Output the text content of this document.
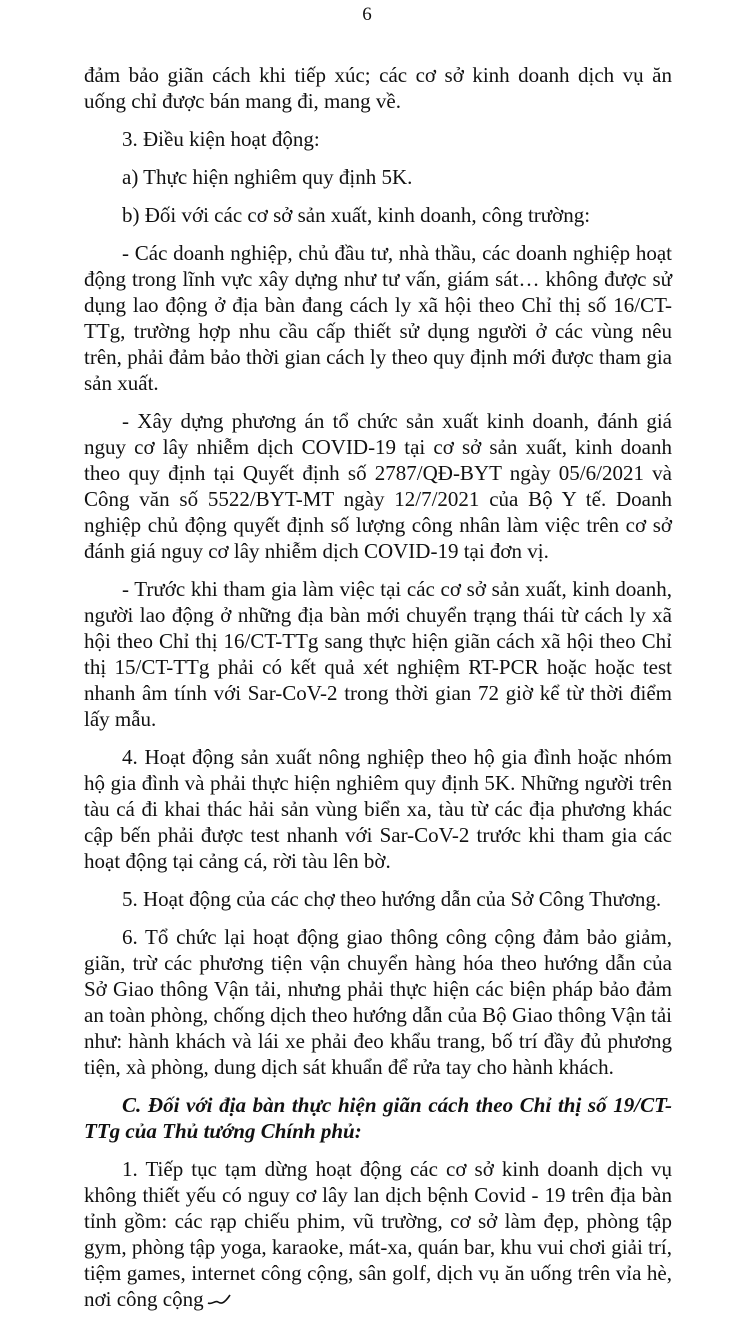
6

đảm bảo giãn cách khi tiếp xúc; các cơ sở kinh doanh dịch vụ ăn uống chỉ được bán mang đi, mang về.

3. Điều kiện hoạt động:

a) Thực hiện nghiêm quy định 5K.

b) Đối với các cơ sở sản xuất, kinh doanh, công trường:

- Các doanh nghiệp, chủ đầu tư, nhà thầu, các doanh nghiệp hoạt động trong lĩnh vực xây dựng như tư vấn, giám sát… không được sử dụng lao động ở địa bàn đang cách ly xã hội theo Chỉ thị số 16/CT-TTg, trường hợp nhu cầu cấp thiết sử dụng người ở các vùng nêu trên, phải đảm bảo thời gian cách ly theo quy định mới được tham gia sản xuất.

- Xây dựng phương án tổ chức sản xuất kinh doanh, đánh giá nguy cơ lây nhiễm dịch COVID-19 tại cơ sở sản xuất, kinh doanh theo quy định tại Quyết định số 2787/QĐ-BYT ngày 05/6/2021 và Công văn số 5522/BYT-MT ngày 12/7/2021 của Bộ Y tế. Doanh nghiệp chủ động quyết định số lượng công nhân làm việc trên cơ sở đánh giá nguy cơ lây nhiễm dịch COVID-19 tại đơn vị.

- Trước khi tham gia làm việc tại các cơ sở sản xuất, kinh doanh, người lao động ở những địa bàn mới chuyển trạng thái từ cách ly xã hội theo Chỉ thị 16/CT-TTg sang thực hiện giãn cách xã hội theo Chỉ thị 15/CT-TTg phải có kết quả xét nghiệm RT-PCR hoặc hoặc test nhanh âm tính với Sar-CoV-2 trong thời gian 72 giờ kể từ thời điểm lấy mẫu.

4. Hoạt động sản xuất nông nghiệp theo hộ gia đình hoặc nhóm hộ gia đình và phải thực hiện nghiêm quy định 5K. Những người trên tàu cá đi khai thác hải sản vùng biển xa, tàu từ các địa phương khác cập bến phải được test nhanh với Sar-CoV-2 trước khi tham gia các hoạt động tại cảng cá, rời tàu lên bờ.

5. Hoạt động của các chợ theo hướng dẫn của Sở Công Thương.

6. Tổ chức lại hoạt động giao thông công cộng đảm bảo giảm, giãn, trừ các phương tiện vận chuyển hàng hóa theo hướng dẫn của Sở Giao thông Vận tải, nhưng phải thực hiện các biện pháp bảo đảm an toàn phòng, chống dịch theo hướng dẫn của Bộ Giao thông Vận tải như: hành khách và lái xe phải đeo khẩu trang, bố trí đầy đủ phương tiện, xà phòng, dung dịch sát khuẩn để rửa tay cho hành khách.

C. Đối với địa bàn thực hiện giãn cách theo Chỉ thị số 19/CT-TTg của Thủ tướng Chính phủ:

1. Tiếp tục tạm dừng hoạt động các cơ sở kinh doanh dịch vụ không thiết yếu có nguy cơ lây lan dịch bệnh Covid - 19 trên địa bàn tỉnh gồm: các rạp chiếu phim, vũ trường, cơ sở làm đẹp, phòng tập gym, phòng tập yoga, karaoke, mát-xa, quán bar, khu vui chơi giải trí, tiệm games, internet công cộng, sân golf, dịch vụ ăn uống trên vỉa hè, nơi công cộng
